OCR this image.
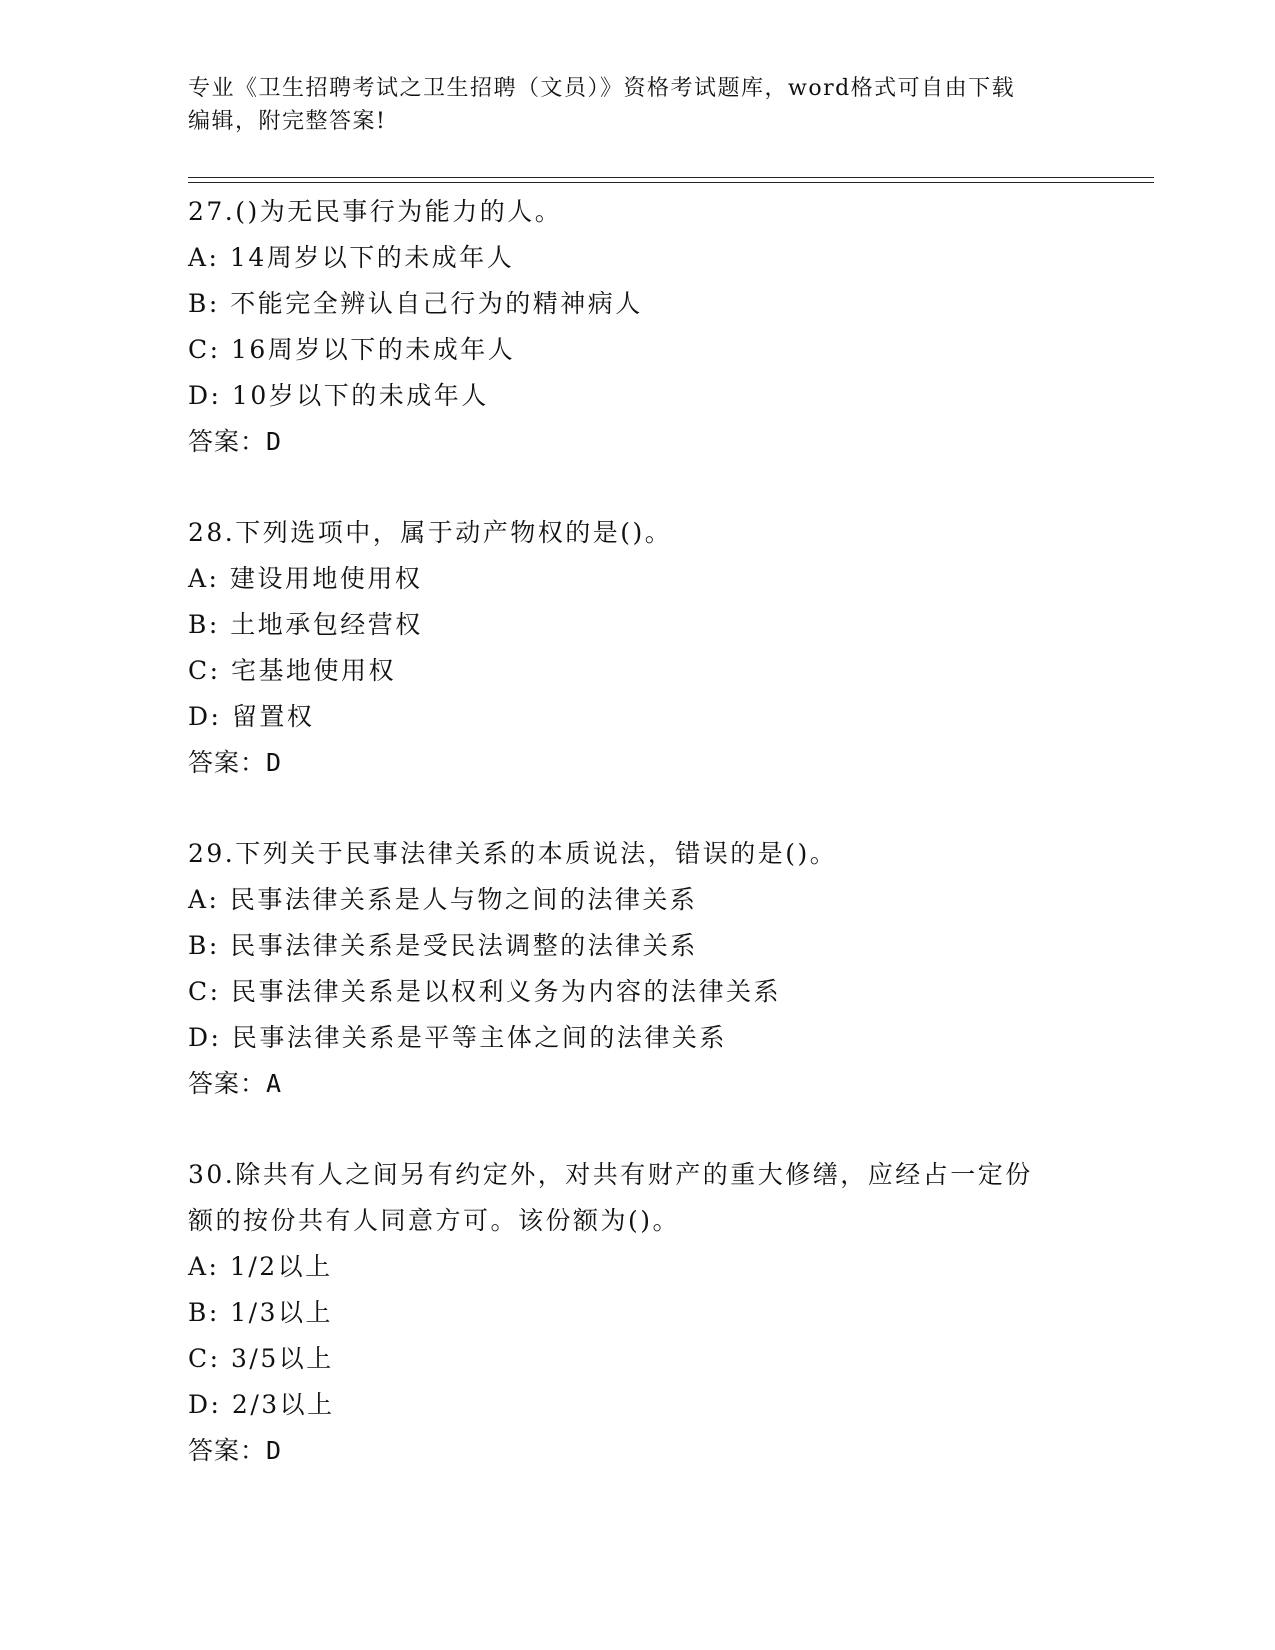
专业《卫生招聘考试之卫生招聘（文员）》资格考试题库，word格式可自由下载
编辑，附完整答案!
27.()为无民事行为能力的人。
A: 14周岁以下的未成年人
B: 不能完全辨认自己行为的精神病人
C: 16周岁以下的未成年人
D: 10岁以下的未成年人
答案：D
28.下列选项中，属于动产物权的是()。
A: 建设用地使用权
B: 土地承包经营权
C: 宅基地使用权
D: 留置权
答案：D
29.下列关于民事法律关系的本质说法，错误的是()。
A: 民事法律关系是人与物之间的法律关系
B: 民事法律关系是受民法调整的法律关系
C: 民事法律关系是以权利义务为内容的法律关系
D: 民事法律关系是平等主体之间的法律关系
答案：A
30.除共有人之间另有约定外，对共有财产的重大修缮，应经占一定份
额的按份共有人同意方可。该份额为()。
A: 1/2以上
B: 1/3以上
C: 3/5以上
D: 2/3以上
答案：D
